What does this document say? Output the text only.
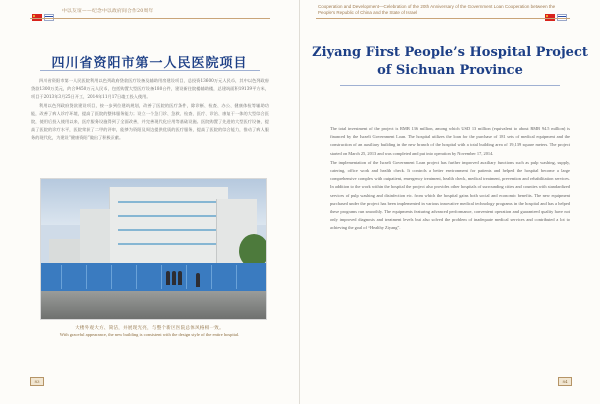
中以友谊——纪念中以政府间合作20周年
四川省资阳市第一人民医院项目

四川省资阳市第一人民医院利用以色列政府贷款医疗设备及辅助用房建设项目，总投资13600万元人民币，其中以色列政府贷款1300万美元，约合9450万元人民币，包括购置大型医疗设备180台件，建设新住院楼辅助楼，总建筑面积19139平方米，项目于2013年3月25日开工，2014年11月17日竣工投入使用。

利用以色列政府贷款建设项目，按一步到位建筑规划，改善了医院的医疗条件，除诊断、检查、办公、健康体检等辅助功能，改善了病人诊疗环境，提高了医院的整体服务能力；设立一个急门诊、急救、检查、医疗、诊治、康复于一体的大型综合医院，使用后投入使用以来，医疗服务设施得到了全面改善，并完善现代化应用等基础设施。医院购置了先进的大型医疗设备，提高了医院的诊疗水平，医院荣获了二甲的评审，能够为资阳及周边提供优质的医疗服务，提高了医院的综合能力，推动了病人服务的现代化，为建设“健康资阳”做出了积极贡献。

大楼外观大方、简洁，并展现光亮，与整个新区医院总体风格相一致。
With graceful appearance, the new building is consistent with the design style of the entire hospital.
83
Cooperation and Development—Celebration of the 20th Anniversary of the Government Loan Cooperation between the People's Republic of China and the State of Israel
Ziyang First People’s Hospital Project
of Sichuan Province

The total investment of the project is RMB 136 million, among which USD 13 million (equivalent to about RMB 94.5 million) is financed by the Israeli Government Loan. The hospital utilizes the loan for the purchase of 181 sets of medical equipment and the construction of an auxiliary building in the new branch of the hospital with a total building area of 19,139 square meters. The project started on March 25, 2013 and was completed and put into operation by November 17, 2014.

The implementation of the Israeli Government Loan project has further improved auxiliary functions such as pulp washing, supply, catering, office work and health check. It controls a better environment for patients and helped the hospital become a large comprehensive complex with outpatient, emergency treatment, health check, medical treatment, prevention and rehabilitation services. In addition to the work within the hospital the project also provides other hospitals of surrounding cities and counties with standardized services of pulp washing and disinfection etc. from which the hospital gains both social and economic benefits. The new equipment purchased under the project has been implemented in various innovative medical technology programs in the hospital and has a helped these programs run smoothly. The equipments featuring advanced performance, convenient operation and guaranteed quality have not only improved diagnosis and treatment levels but also solved the problem of inadequate medical services and contributed a lot to achieving the goal of “Healthy Ziyang”.

84
